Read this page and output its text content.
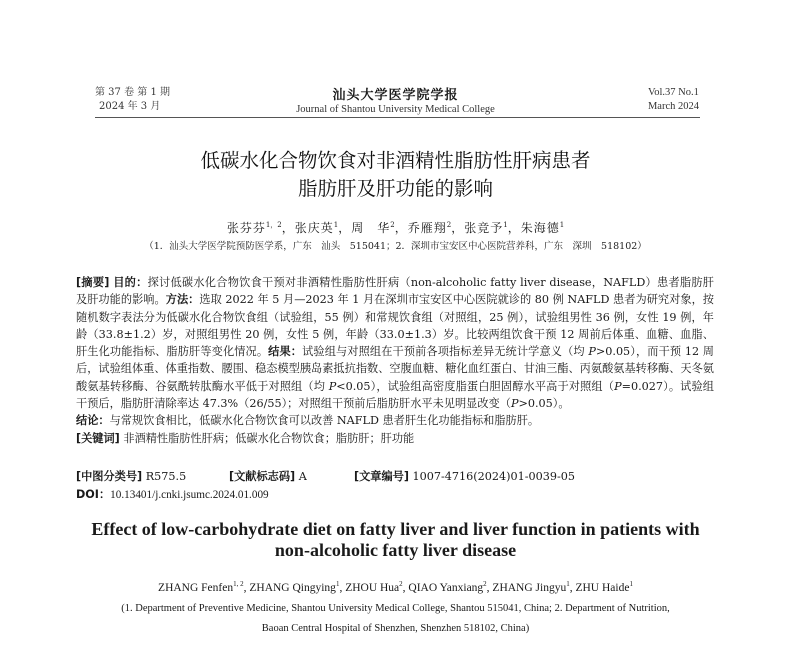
第 37 卷 第 1 期
2024 年 3 月
汕头大学医学院学报
Journal of Shantou University Medical College
Vol.37 No.1
March 2024
低碳水化合物饮食对非酒精性脂肪性肝病患者
脂肪肝及肝功能的影响
张芬芬$^{1,2}$，张庆英$^1$，周　华$^2$，乔雁翔$^2$，张竞予$^1$，朱海德$^1$
（1．汕头大学医学院预防医学系，广东　汕头　515041；2．深圳市宝安区中心医院营养科，广东　深圳　518102）
[摘要] 目的：探讨低碳水化合物饮食干预对非酒精性脂肪性肝病（non-alcoholic fatty liver disease，NAFLD）患者脂肪肝及肝功能的影响。方法：选取 2022 年 5 月—2023 年 1 月在深圳市宝安区中心医院就诊的 80 例 NAFLD 患者为研究对象，按随机数字表法分为低碳水化合物饮食组（试验组，55 例）和常规饮食组（对照组，25 例），试验组男性 36 例，女性 19 例，年龄（33.8±1.2）岁，对照组男性 20 例，女性 5 例，年龄（33.0±1.3）岁。比较两组饮食干预 12 周前后体重、血糖、血脂、肝生化功能指标、脂肪肝等变化情况。结果：试验组与对照组在干预前各项指标差异无统计学意义（均 P>0.05），而干预 12 周后，试验组体重、体重指数、腰围、稳态模型胰岛素抵抗指数、空腹血糖、糖化血红蛋白、甘油三酯、丙氨酸氨基转移酶、天冬氨酸氨基转移酶、谷氨酰转肽酶水平低于对照组（均 P<0.05），试验组高密度脂蛋白胆固醇水平高于对照组（P=0.027）。试验组干预后，脂肪肝清除率达 47.3%（26/55）；对照组干预前后脂肪肝水平未见明显改变（P>0.05）。
结论：与常规饮食相比，低碳水化合物饮食可以改善 NAFLD 患者肝生化功能指标和脂肪肝。
[关键词] 非酒精性脂肪性肝病；低碳水化合物饮食；脂肪肝；肝功能
[中图分类号] R575.5	[文献标志码] A	[文章编号] 1007-4716(2024)01-0039-05
DOI：10.13401/j.cnki.jsumc.2024.01.009
Effect of low-carbohydrate diet on fatty liver and liver function in patients with
non-alcoholic fatty liver disease
ZHANG Fenfen$^{1, 2}$, ZHANG Qingying$^1$, ZHOU Hua$^2$, QIAO Yanxiang$^2$, ZHANG Jingyu$^1$, ZHU Haide$^1$
(1. Department of Preventive Medicine, Shantou University Medical College, Shantou 515041, China; 2. Department of Nutrition,
Baoan Central Hospital of Shenzhen, Shenzhen 518102, China)
